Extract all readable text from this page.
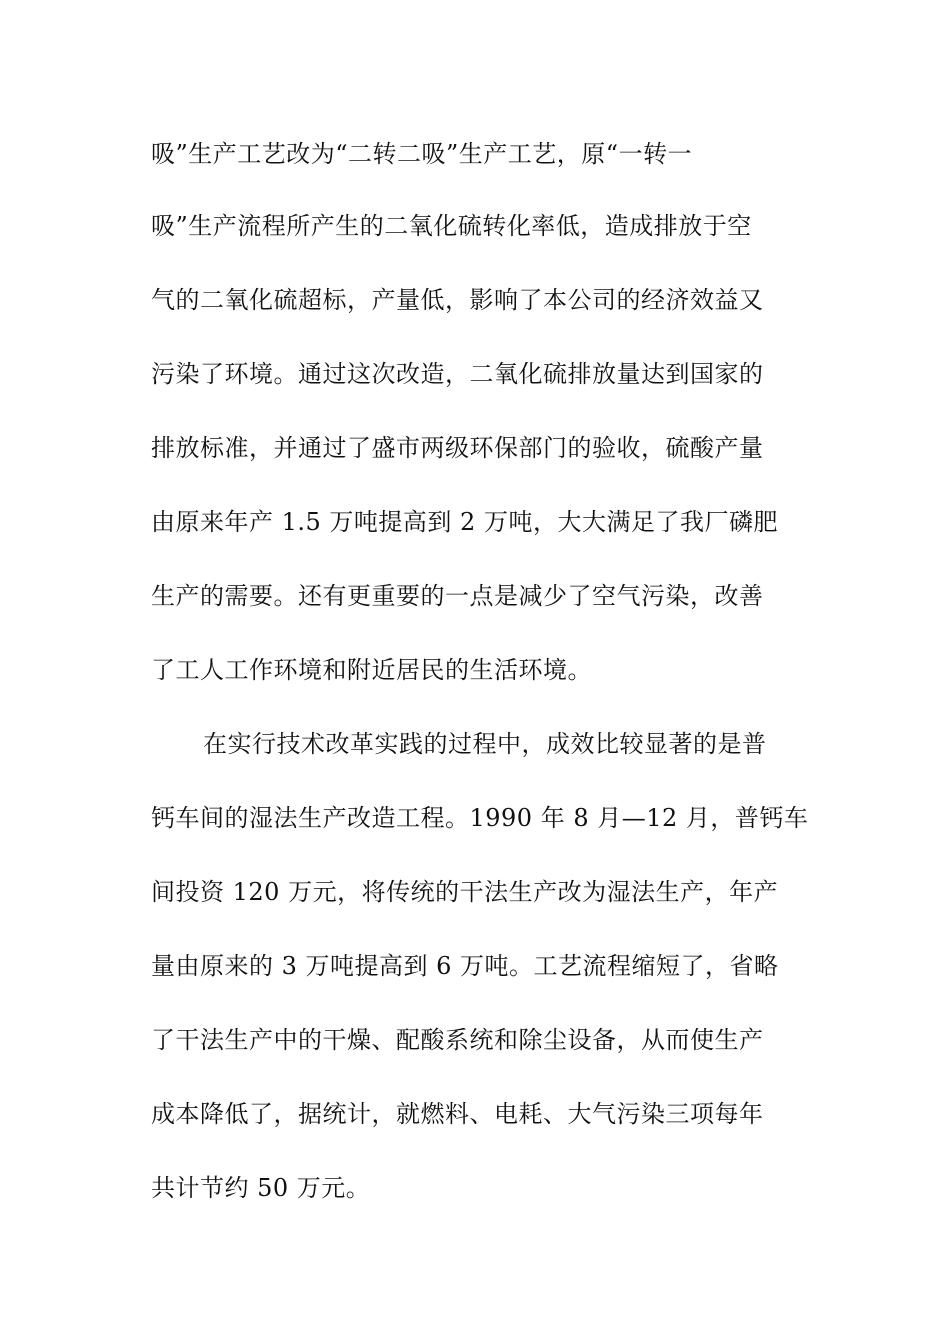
吸”生产工艺改为“二转二吸”生产工艺，原“一转一
吸”生产流程所产生的二氧化硫转化率低，造成排放于空
气的二氧化硫超标，产量低，影响了本公司的经济效益又
污染了环境。通过这次改造，二氧化硫排放量达到国家的
排放标准，并通过了盛市两级环保部门的验收，硫酸产量
由原来年产 1.5 万吨提高到 2 万吨，大大满足了我厂磷肥
生产的需要。还有更重要的一点是减少了空气污染，改善
了工人工作环境和附近居民的生活环境。
在实行技术改革实践的过程中，成效比较显著的是普
钙车间的湿法生产改造工程。1990 年 8 月—12 月，普钙车
间投资 120 万元，将传统的干法生产改为湿法生产，年产
量由原来的 3 万吨提高到 6 万吨。工艺流程缩短了，省略
了干法生产中的干燥、配酸系统和除尘设备，从而使生产
成本降低了，据统计，就燃料、电耗、大气污染三项每年
共计节约 50 万元。
